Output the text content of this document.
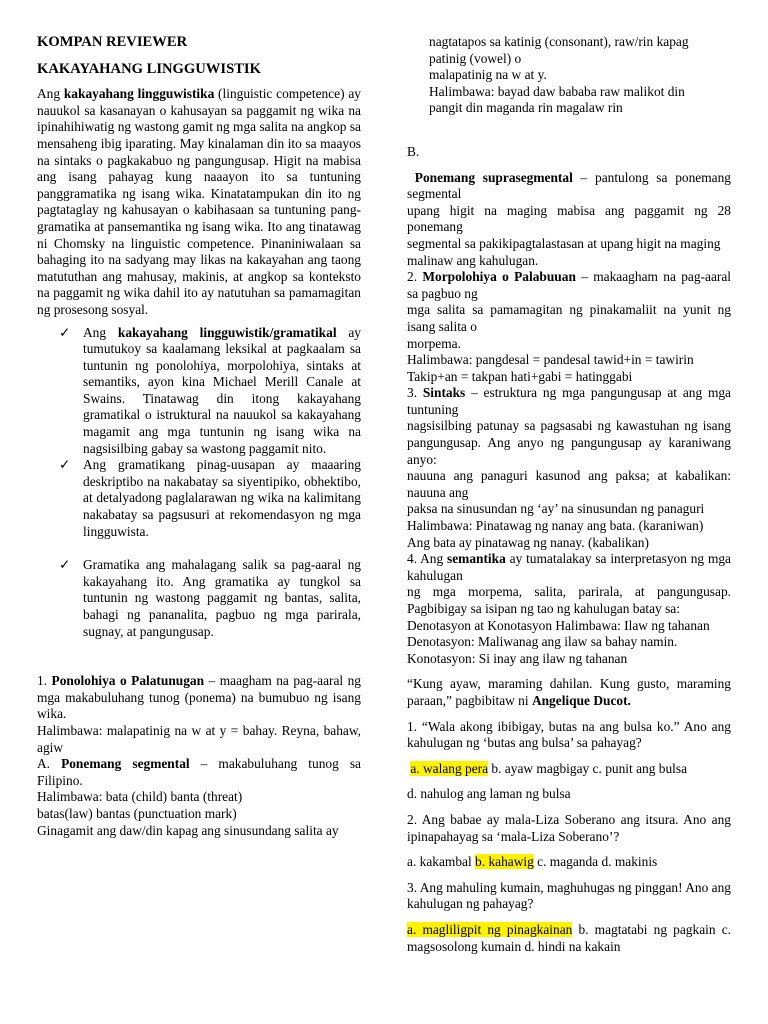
KOMPAN REVIEWER
KAKAYAHANG LINGGUWISTIK

Ang kakayahang lingguwistika (linguistic competence) ay nauukol sa kasanayan o kahusayan sa paggamit ng wika na ipinahihiwatig ng wastong gamit ng mga salita na angkop sa mensaheng ibig iparating. May kinalaman din ito sa maayos na sintaks o pagkakabuo ng pangungusap. Higit na mabisa ang isang pahayag kung naaayon ito sa tuntuning panggramatika ng isang wika. Kinatatampukan din ito ng pagtataglay ng kahusayan o kabihasaan sa tuntuning pang-gramatika at pansemantika ng isang wika. Ito ang tinatawag ni Chomsky na linguistic competence. Pinaniniwalaan sa bahaging ito na sadyang may likas na kakayahan ang taong matututhan ang mahusay, makinis, at angkop sa konteksto na paggamit ng wika dahil ito ay natutuhan sa pamamagitan ng prosesong sosyal.

✓ Ang kakayahang lingguwistik/gramatikal ay tumutukoy sa kaalamang leksikal at pagkaalam sa tuntunin ng ponolohiya, morpolohiya, sintaks at semantiks, ayon kina Michael Merill Canale at Swains. Tinatawag din itong kakayahang gramatikal o istruktural na nauukol sa kakayahang magamit ang mga tuntunin ng isang wika na nagsisilbing gabay sa wastong paggamit nito.
✓ Ang gramatikang pinag-uusapan ay maaaring deskriptibo na nakabatay sa siyentipiko, obhektibo, at detalyadong paglalarawan ng wika na kalimitang nakabatay sa pagsusuri at rekomendasyon ng mga lingguwista.
✓ Gramatika ang mahalagang salik sa pag-aaral ng kakayahang ito. Ang gramatika ay tungkol sa tuntunin ng wastong paggamit ng bantas, salita, bahagi ng pananalita, pagbuo ng mga parirala, sugnay, at pangungusap.

1. Ponolohiya o Palatunugan – maagham na pag-aaral ng mga makabuluhang tunog (ponema) na bumubuo ng isang wika.

Halimbawa: malapatinig na w at y = bahay. Reyna, bahaw, agiw

A. Ponemang segmental – makabuluhang tunog sa Filipino.

Halimbawa: bata (child) banta (threat)

batas(law) bantas (punctuation mark)

Ginagamit ang daw/din kapag ang sinusundang salita ay

nagtatapos sa katinig (consonant), raw/rin kapag
patinig (vowel) o
malapatinig na w at y.
Halimbawa: bayad daw bababa raw malikot din
pangit din maganda rin magalaw rin
B.

Ponemang suprasegmental – pantulong sa ponemang segmental

upang higit na maging mabisa ang paggamit ng 28 ponemang

segmental sa pakikipagtalastasan at upang higit na maging

malinaw ang kahulugan.

2. Morpolohiya o Palabuuan – makaagham na pag-aaral sa pagbuo ng

mga salita sa pamamagitan ng pinakamaliit na yunit ng isang salita o

morpema.

Halimbawa: pangdesal = pandesal tawid+in = tawirin

Takip+an = takpan hati+gabi = hatinggabi

3. Sintaks – estruktura ng mga pangungusap at ang mga tuntuning

nagsisilbing patunay sa pagsasabi ng kawastuhan ng isang pangungusap. Ang anyo ng pangungusap ay karaniwang anyo:

nauuna ang panaguri kasunod ang paksa; at kabalikan: nauuna ang

paksa na sinusundan ng ‘ay’ na sinusundan ng panaguri

Halimbawa: Pinatawag ng nanay ang bata. (karaniwan)

Ang bata ay pinatawag ng nanay. (kabalikan)

4. Ang semantika ay tumatalakay sa interpretasyon ng mga kahulugan

ng mga morpema, salita, parirala, at pangungusap. Pagbibigay sa isipan ng tao ng kahulugan batay sa:

Denotasyon at Konotasyon Halimbawa: Ilaw ng tahanan

Denotasyon: Maliwanag ang ilaw sa bahay namin.

Konotasyon: Si inay ang ilaw ng tahanan

“Kung ayaw, maraming dahilan. Kung gusto, maraming paraan,” pagbibitaw ni Angelique Ducot.

1. “Wala akong ibibigay, butas na ang bulsa ko.” Ano ang kahulugan ng ‘butas ang bulsa’ sa pahayag?

a. walang pera b. ayaw magbigay c. punit ang bulsa

d. nahulog ang laman ng bulsa

2. Ang babae ay mala-Liza Soberano ang itsura. Ano ang ipinapahayag sa ‘mala-Liza Soberano’?

a. kakambal b. kahawig c. maganda d. makinis

3. Ang mahuling kumain, maghuhugas ng pinggan! Ano ang kahulugan ng pahayag?

a. magliligpit ng pinagkainan b. magtatabi ng pagkain c. magsosolong kumain d. hindi na kakain
